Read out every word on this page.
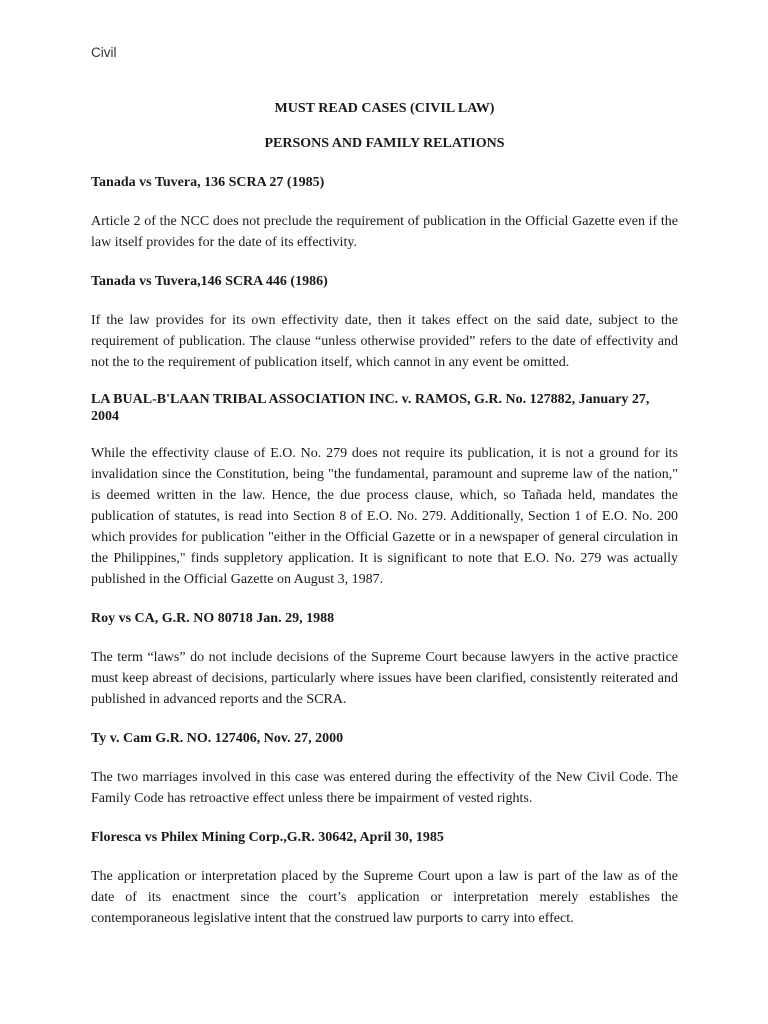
Civil
MUST READ CASES (CIVIL LAW)
PERSONS AND FAMILY RELATIONS
Tanada vs Tuvera, 136 SCRA 27 (1985)
Article 2 of the NCC does not preclude the requirement of publication in the Official Gazette even if the law itself provides for the date of its effectivity.
Tanada vs Tuvera,146 SCRA 446 (1986)
If the law provides for its own effectivity date, then it takes effect on the said date, subject to the requirement of publication. The clause “unless otherwise provided” refers to the date of effectivity and not the to the requirement of publication itself, which cannot in any event be omitted.
LA BUAL-B'LAAN TRIBAL ASSOCIATION INC. v. RAMOS, G.R. No. 127882, January 27, 2004
While the effectivity clause of E.O. No. 279 does not require its publication, it is not a ground for its invalidation since the Constitution, being "the fundamental, paramount and supreme law of the nation," is deemed written in the law. Hence, the due process clause, which, so Tañada held, mandates the publication of statutes, is read into Section 8 of E.O. No. 279. Additionally, Section 1 of E.O. No. 200 which provides for publication "either in the Official Gazette or in a newspaper of general circulation in the Philippines," finds suppletory application. It is significant to note that E.O. No. 279 was actually published in the Official Gazette on August 3, 1987.
Roy vs CA, G.R. NO 80718 Jan. 29, 1988
The term “laws” do not include decisions of the Supreme Court because lawyers in the active practice must keep abreast of decisions, particularly where issues have been clarified, consistently reiterated and published in advanced reports and the SCRA.
Ty v. Cam G.R. NO. 127406, Nov. 27, 2000
The two marriages involved in this case was entered during the effectivity of the New Civil Code. The Family Code has retroactive effect unless there be impairment of vested rights.
Floresca vs Philex Mining Corp.,G.R. 30642, April 30, 1985
The application or interpretation placed by the Supreme Court upon a law is part of the law as of the date of its enactment since the court’s application or interpretation merely establishes the contemporaneous legislative intent that the construed law purports to carry into effect.
